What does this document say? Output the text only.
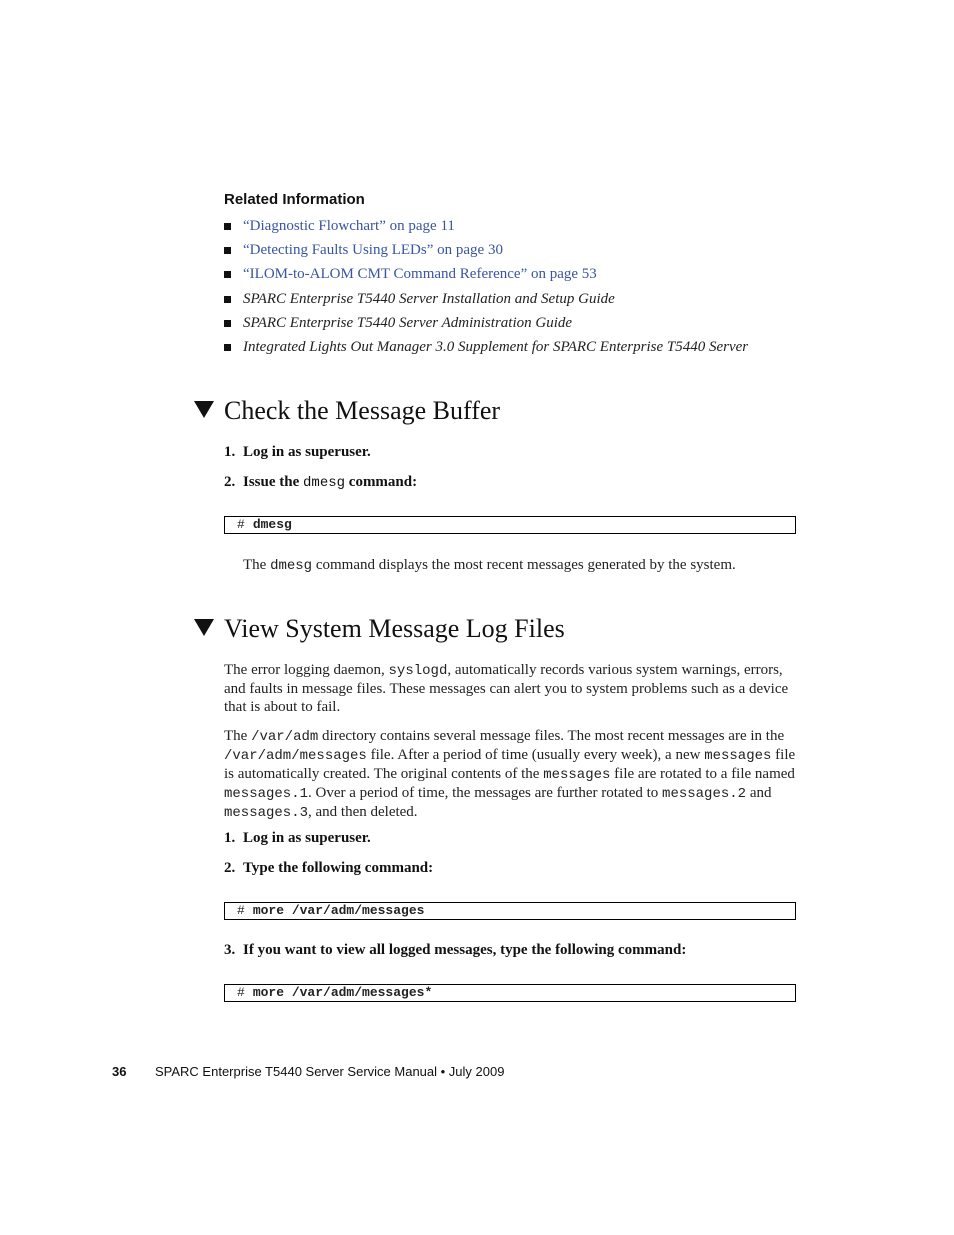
Related Information
“Diagnostic Flowchart” on page 11
“Detecting Faults Using LEDs” on page 30
“ILOM-to-ALOM CMT Command Reference” on page 53
SPARC Enterprise T5440 Server Installation and Setup Guide
SPARC Enterprise T5440 Server Administration Guide
Integrated Lights Out Manager 3.0 Supplement for SPARC Enterprise T5440 Server
Check the Message Buffer
1. Log in as superuser.
2. Issue the dmesg command:
# dmesg

The dmesg command displays the most recent messages generated by the system.

View System Message Log Files

The error logging daemon, syslogd, automatically records various system warnings, errors, and faults in message files. These messages can alert you to system problems such as a device that is about to fail.

The /var/adm directory contains several message files. The most recent messages are in the /var/adm/messages file. After a period of time (usually every week), a new messages file is automatically created. The original contents of the messages file are rotated to a file named messages.1. Over a period of time, the messages are further rotated to messages.2 and messages.3, and then deleted.

1. Log in as superuser.
2. Type the following command:
# more /var/adm/messages
3. If you want to view all logged messages, type the following command:
# more /var/adm/messages*
36 SPARC Enterprise T5440 Server Service Manual • July 2009
